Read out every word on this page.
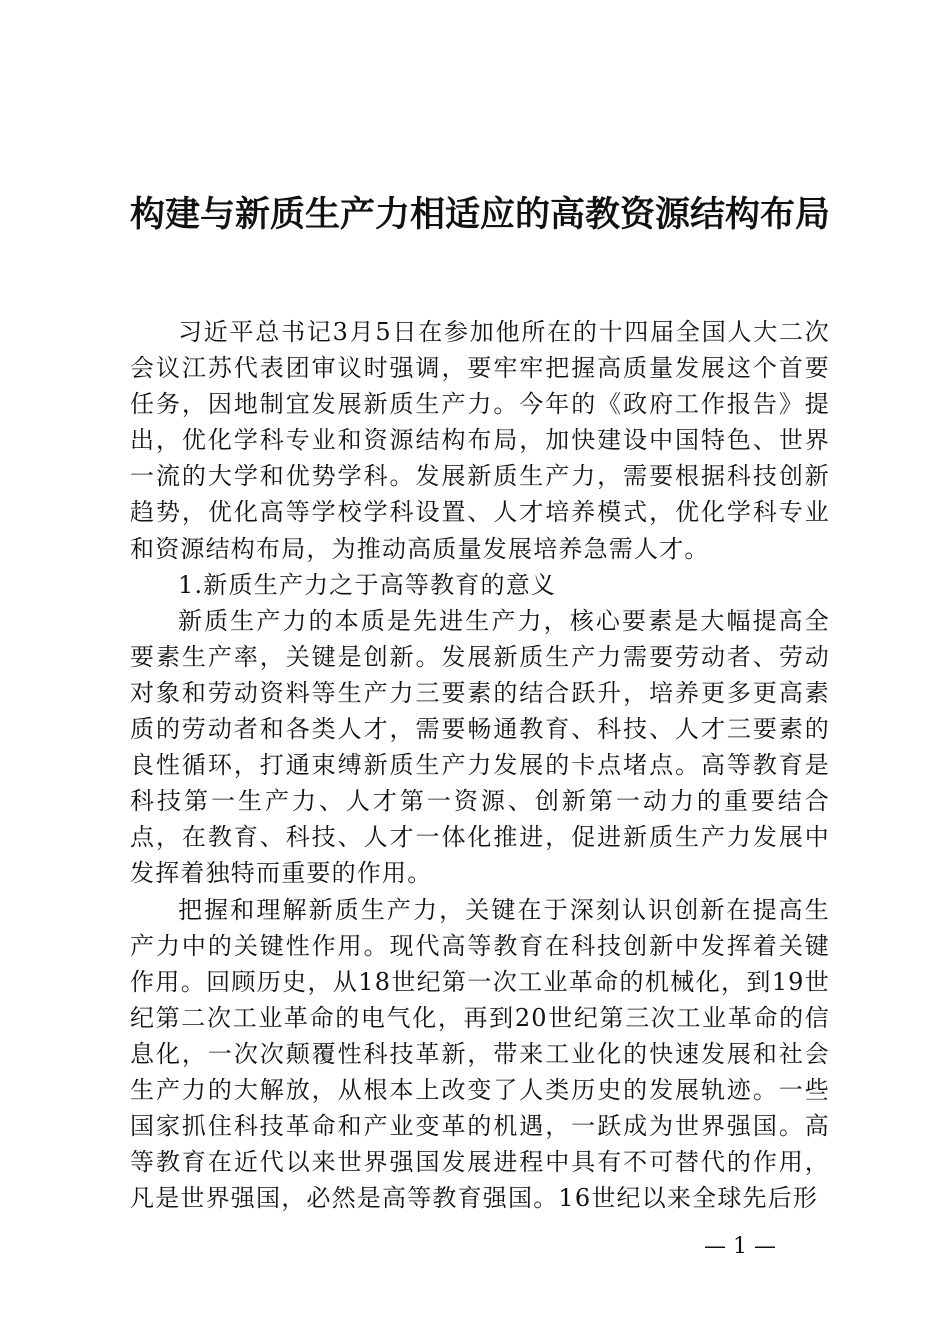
构建与新质生产力相适应的高教资源结构布局

习近平总书记3月5日在参加他所在的十四届全国人大二次会议江苏代表团审议时强调，要牢牢把握高质量发展这个首要任务，因地制宜发展新质生产力。今年的《政府工作报告》提出，优化学科专业和资源结构布局，加快建设中国特色、世界一流的大学和优势学科。发展新质生产力，需要根据科技创新趋势，优化高等学校学科设置、人才培养模式，优化学科专业和资源结构布局，为推动高质量发展培养急需人才。

1.新质生产力之于高等教育的意义

新质生产力的本质是先进生产力，核心要素是大幅提高全要素生产率，关键是创新。发展新质生产力需要劳动者、劳动对象和劳动资料等生产力三要素的结合跃升，培养更多更高素质的劳动者和各类人才，需要畅通教育、科技、人才三要素的良性循环，打通束缚新质生产力发展的卡点堵点。高等教育是科技第一生产力、人才第一资源、创新第一动力的重要结合点，在教育、科技、人才一体化推进，促进新质生产力发展中发挥着独特而重要的作用。

把握和理解新质生产力，关键在于深刻认识创新在提高生产力中的关键性作用。现代高等教育在科技创新中发挥着关键作用。回顾历史，从18世纪第一次工业革命的机械化，到19世纪第二次工业革命的电气化，再到20世纪第三次工业革命的信息化，一次次颠覆性科技革新，带来工业化的快速发展和社会生产力的大解放，从根本上改变了人类历史的发展轨迹。一些国家抓住科技革命和产业变革的机遇，一跃成为世界强国。高等教育在近代以来世界强国发展进程中具有不可替代的作用，凡是世界强国，必然是高等教育强国。16世纪以来全球先后形

— 1 —
